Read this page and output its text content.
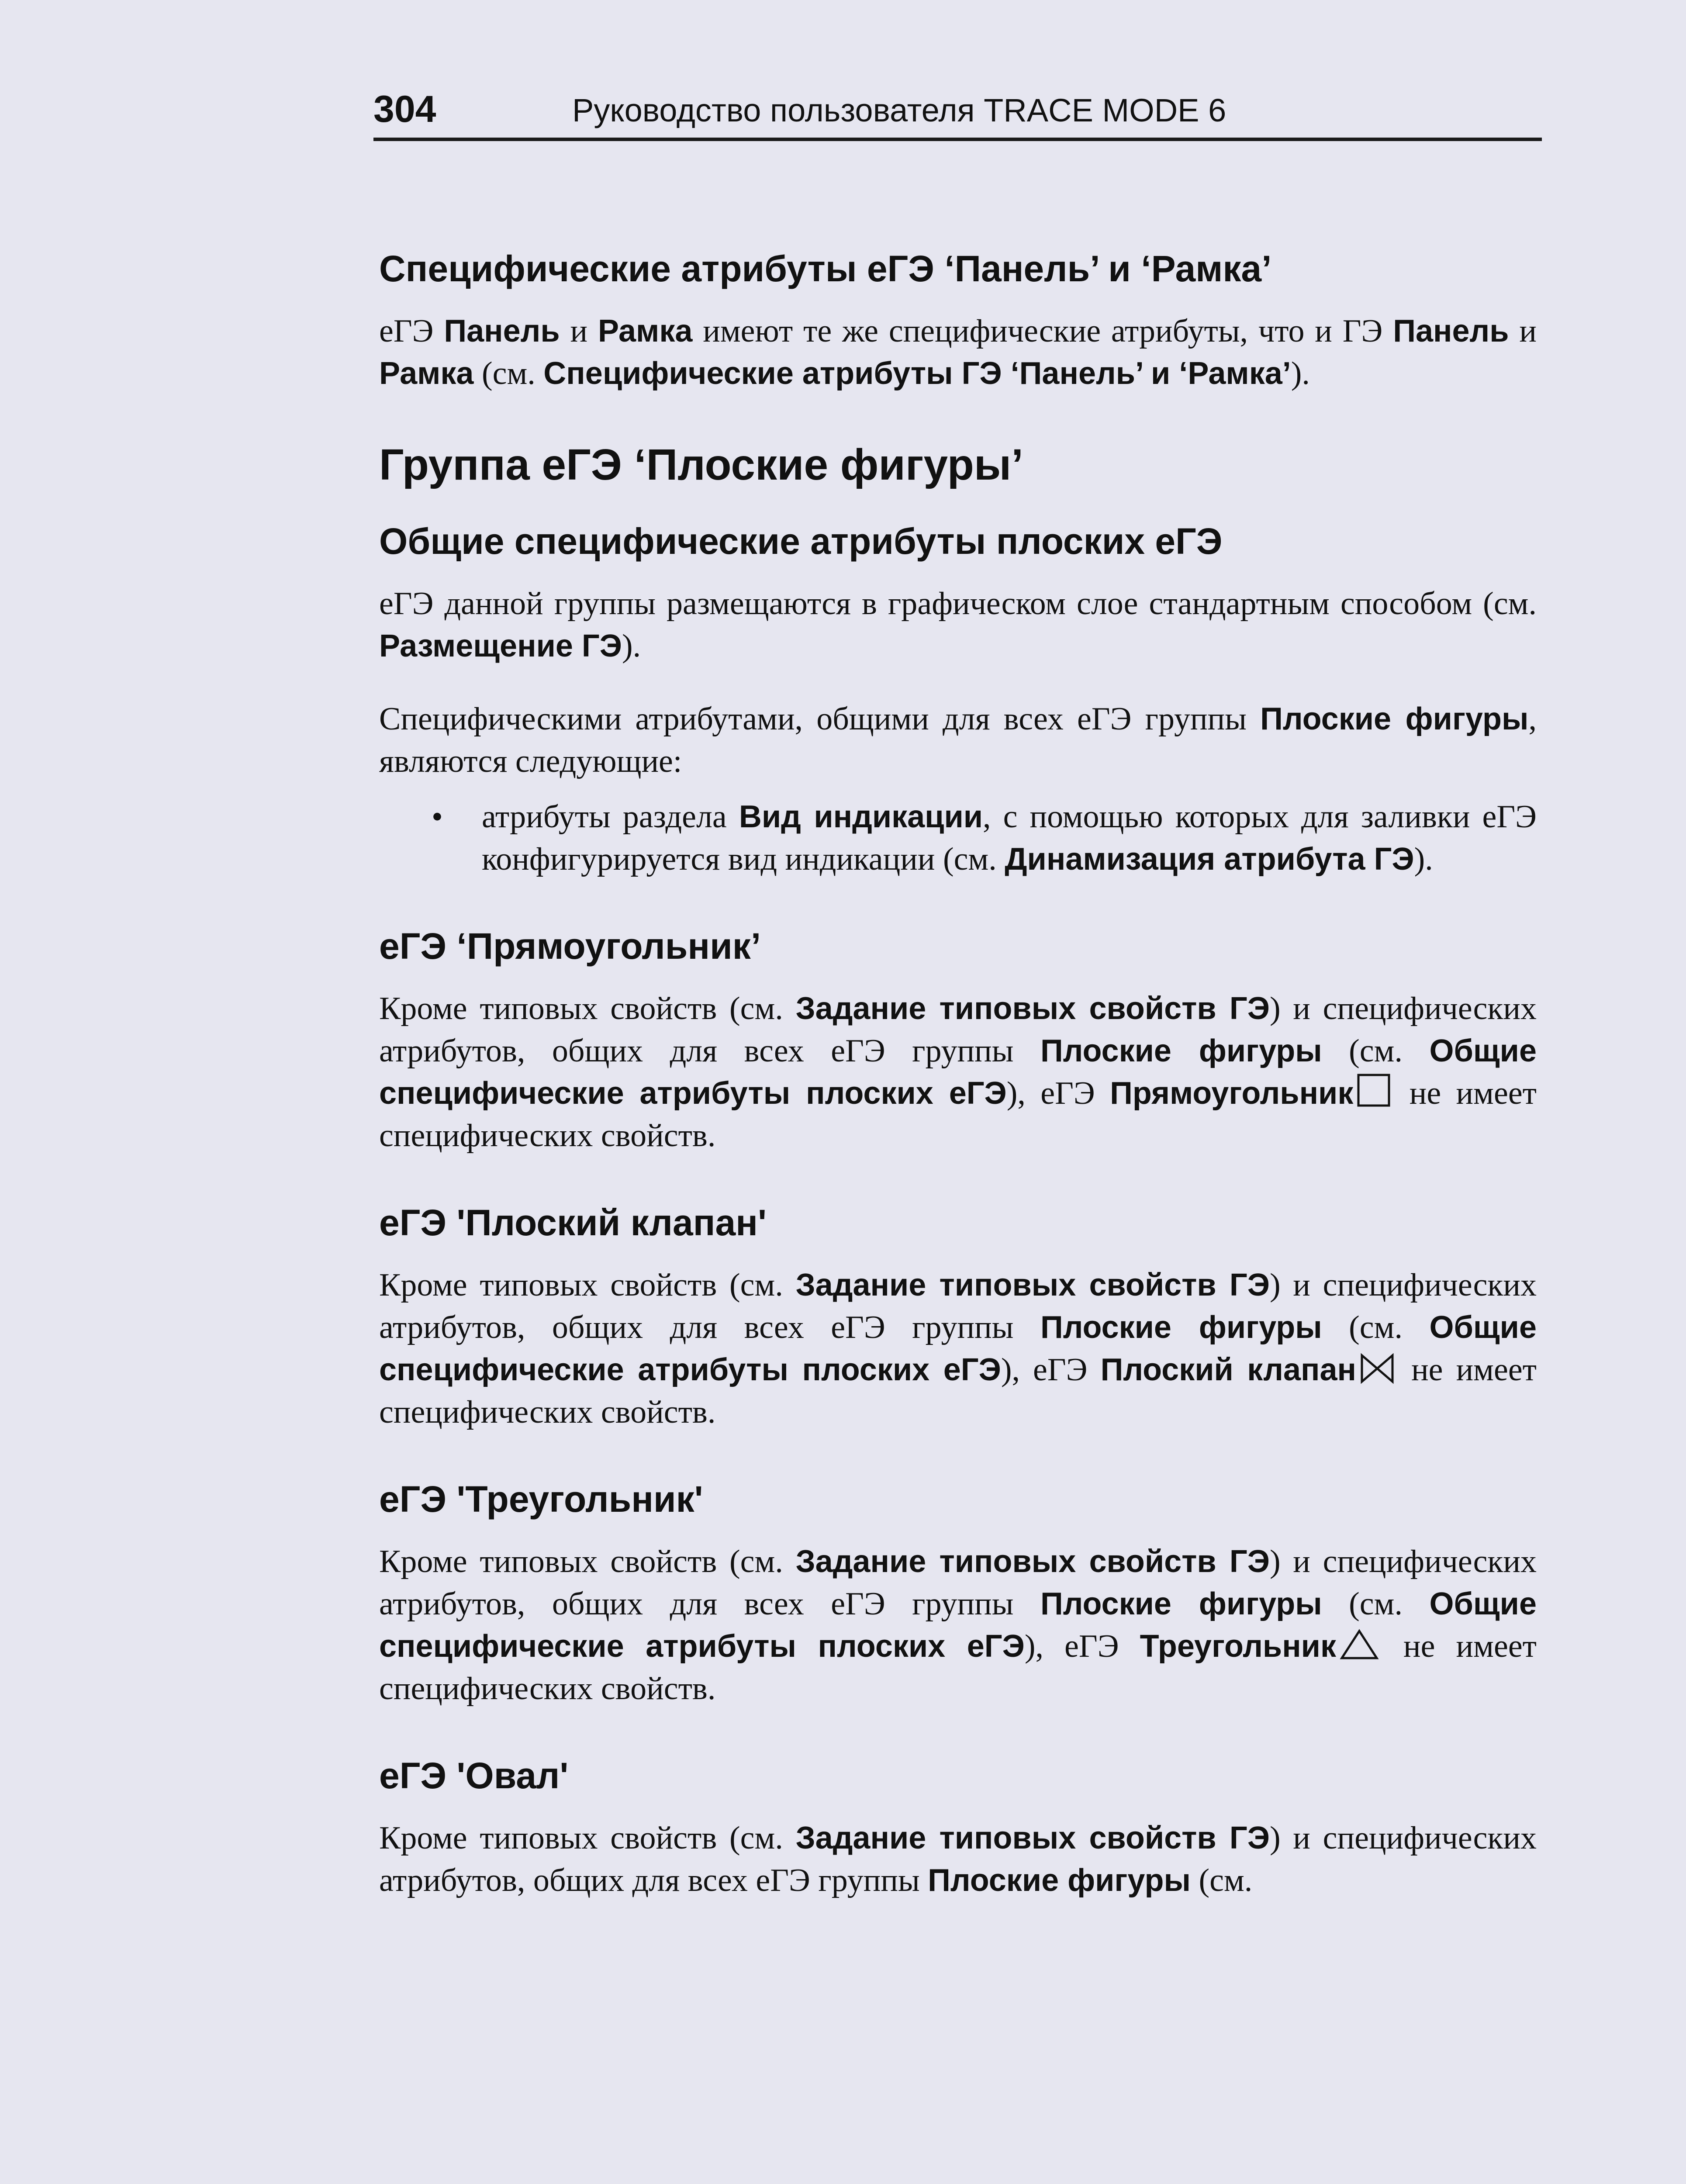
304	Руководство пользователя TRACE MODE 6
Специфические атрибуты еГЭ ‘Панель’ и ‘Рамка’

еГЭ Панель и Рамка имеют те же специфические атрибуты, что и ГЭ Панель и Рамка (см. Специфические атрибуты ГЭ ‘Панель’ и ‘Рамка’).

Группа еГЭ ‘Плоские фигуры’
Общие специфические атрибуты плоских еГЭ

еГЭ данной группы размещаются в графическом слое стандартным способом (см. Размещение ГЭ).

Специфическими атрибутами, общими для всех еГЭ группы Плоские фигуры, являются следующие:

• атрибуты раздела Вид индикации, с помощью которых для заливки еГЭ конфигурируется вид индикации (см. Динамизация атрибута ГЭ).
еГЭ ‘Прямоугольник’

Кроме типовых свойств (см. Задание типовых свойств ГЭ) и специфических атрибутов, общих для всех еГЭ группы Плоские фигуры (см. Общие специфические атрибуты плоских еГЭ), еГЭ Прямоугольник не имеет специфических свойств.

еГЭ 'Плоский клапан'

Кроме типовых свойств (см. Задание типовых свойств ГЭ) и специфических атрибутов, общих для всех еГЭ группы Плоские фигуры (см. Общие специфические атрибуты плоских еГЭ), еГЭ Плоский клапан не имеет специфических свойств.

еГЭ 'Треугольник'

Кроме типовых свойств (см. Задание типовых свойств ГЭ) и специфических атрибутов, общих для всех еГЭ группы Плоские фигуры (см. Общие специфические атрибуты плоских еГЭ), еГЭ Треугольник не имеет специфических свойств.

еГЭ 'Овал'

Кроме типовых свойств (см. Задание типовых свойств ГЭ) и специфических атрибутов, общих для всех еГЭ группы Плоские фигуры (см.
